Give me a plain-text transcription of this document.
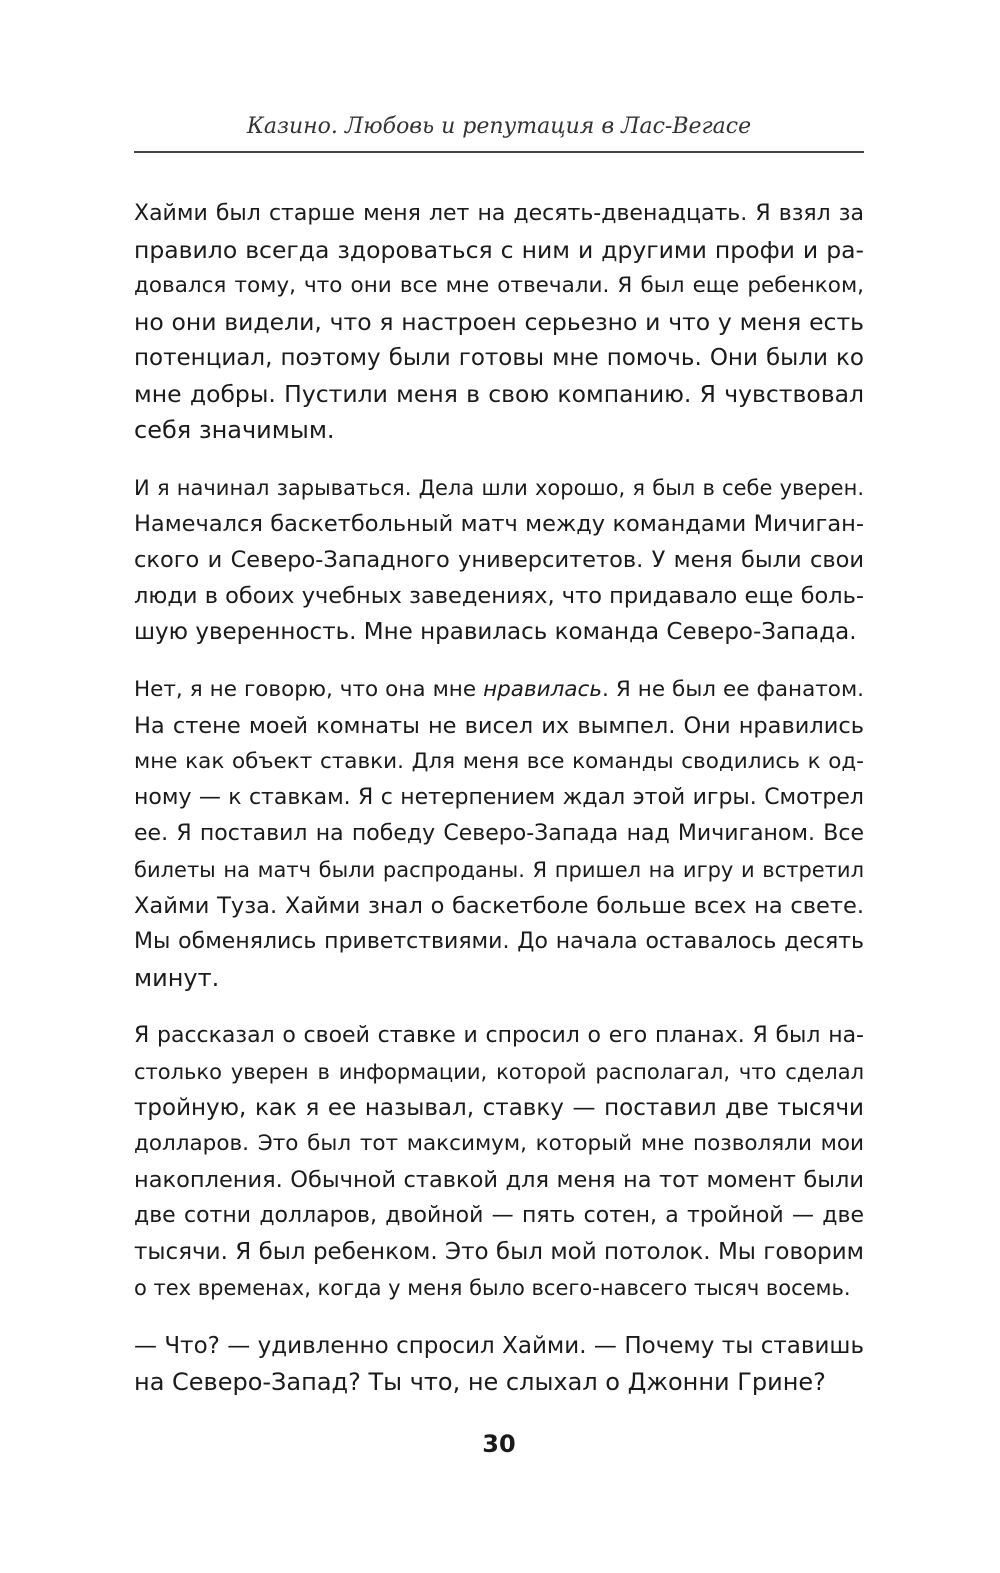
Казино. Любовь и репутация в Лас-Вегасе

Хайми был старше меня лет на десять-двенадцать. Я взял за
правило всегда здороваться с ним и другими профи и ра-
довался тому, что они все мне отвечали. Я был еще ребенком,
но они видели, что я настроен серьезно и что у меня есть
потенциал, поэтому были готовы мне помочь. Они были ко
мне добры. Пустили меня в свою компанию. Я чувствовал
себя значимым.

И я начинал зарываться. Дела шли хорошо, я был в себе уверен.
Намечался баскетбольный матч между командами Мичиган-
ского и Северо-Западного университетов. У меня были свои
люди в обоих учебных заведениях, что придавало еще боль-
шую уверенность. Мне нравилась команда Северо-Запада.

Нет, я не говорю, что она мне нравилась. Я не был ее фанатом.
На стене моей комнаты не висел их вымпел. Они нравились
мне как объект ставки. Для меня все команды сводились к од-
ному — к ставкам. Я с нетерпением ждал этой игры. Смотрел
ее. Я поставил на победу Северо-Запада над Мичиганом. Все
билеты на матч были распроданы. Я пришел на игру и встретил
Хайми Туза. Хайми знал о баскетболе больше всех на свете.
Мы обменялись приветствиями. До начала оставалось десять
минут.

Я рассказал о своей ставке и спросил о его планах. Я был на-
столько уверен в информации, которой располагал, что сделал
тройную, как я ее называл, ставку — поставил две тысячи
долларов. Это был тот максимум, который мне позволяли мои
накопления. Обычной ставкой для меня на тот момент были
две сотни долларов, двойной — пять сотен, а тройной — две
тысячи. Я был ребенком. Это был мой потолок. Мы говорим
о тех временах, когда у меня было всего-навсего тысяч восемь.

— Что? — удивленно спросил Хайми. — Почему ты ставишь
на Северо-Запад? Ты что, не слыхал о Джонни Грине?

30
